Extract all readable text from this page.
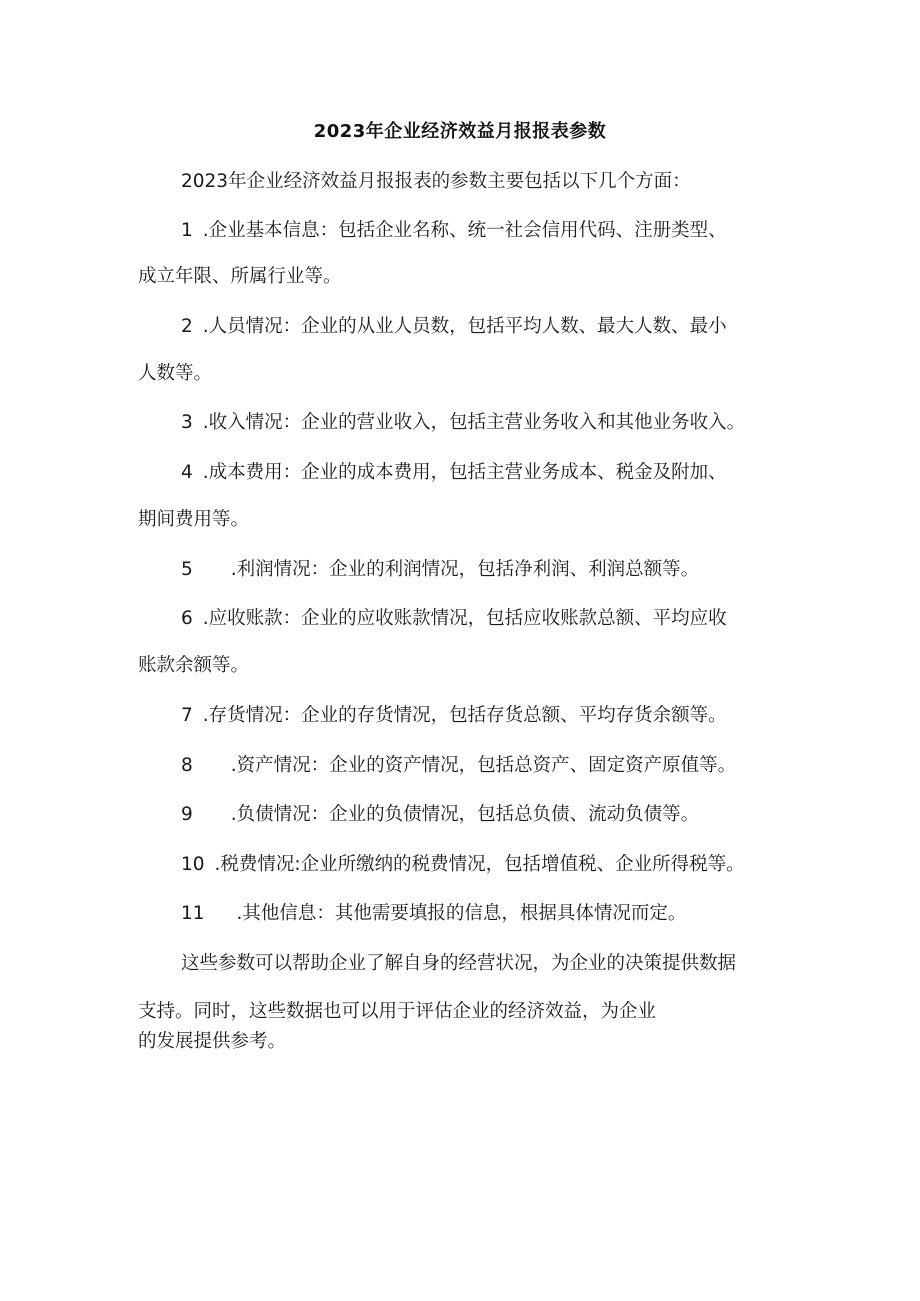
2023年企业经济效益月报报表参数
2023年企业经济效益月报报表的参数主要包括以下几个方面：
1 .企业基本信息：包括企业名称、统一社会信用代码、注册类型、
成立年限、所属行业等。
2 .人员情况：企业的从业人员数，包括平均人数、最大人数、最小
人数等。
3 .收入情况：企业的营业收入，包括主营业务收入和其他业务收入。
4 .成本费用：企业的成本费用，包括主营业务成本、税金及附加、
期间费用等。
5 .利润情况：企业的利润情况，包括净利润、利润总额等。
6 .应收账款：企业的应收账款情况，包括应收账款总额、平均应收
账款余额等。
7 .存货情况：企业的存货情况，包括存货总额、平均存货余额等。
8 .资产情况：企业的资产情况，包括总资产、固定资产原值等。
9 .负债情况：企业的负债情况，包括总负债、流动负债等。
10 .税费情况:企业所缴纳的税费情况，包括增值税、企业所得税等。
11 .其他信息：其他需要填报的信息，根据具体情况而定。
这些参数可以帮助企业了解自身的经营状况，为企业的决策提供数据
支持。同时，这些数据也可以用于评估企业的经济效益，为企业
的发展提供参考。
